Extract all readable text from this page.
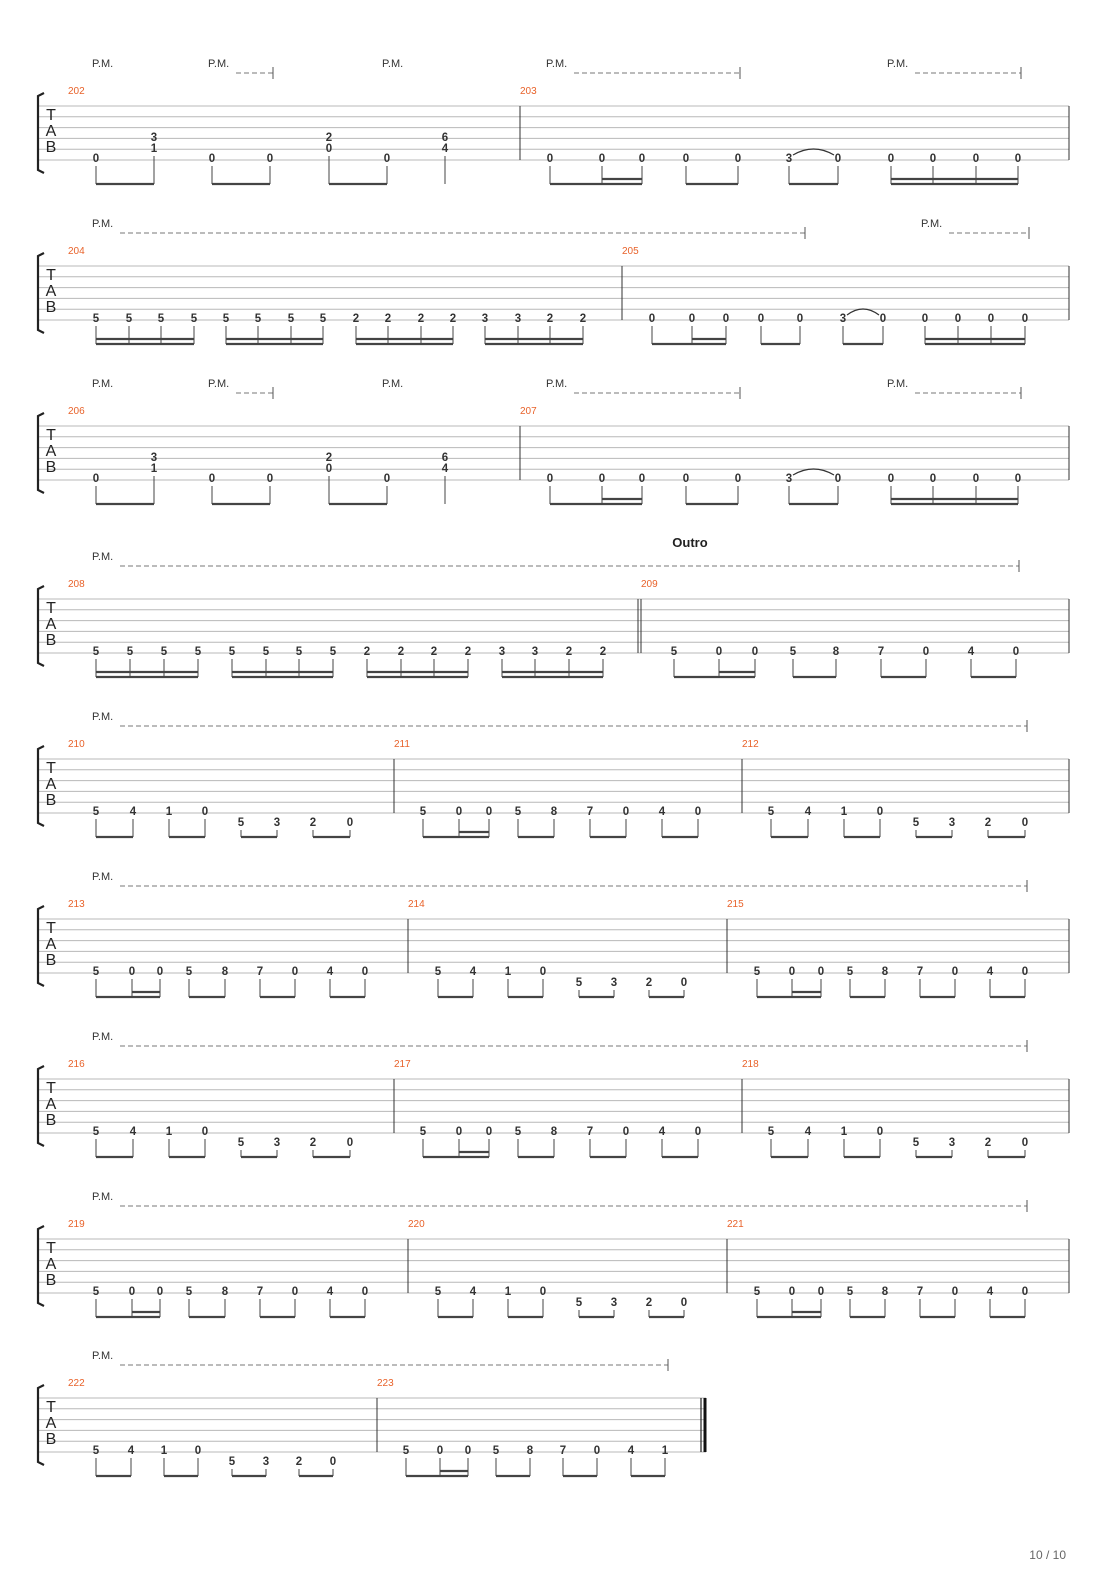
T
A
B
P.M.	P.M.	P.M.	P.M.	P.M.
202
0
3
1
0	0
2
0
0
6
4
203
0	0	0	0	0	3	0	0	0	0	0
T
A
B
P.M.	P.M.
204
5 5 5 5 5 5 5 5 2 2 2 2 3 3 2 2
205
0	0 0 0	0	3	0	0 0 0 0
T
A
B
P.M.	P.M.	P.M.	P.M.	P.M.
206
0
3
1
0	0
2
0
0
6
4
207
0	0	0	0	0	3	0	0	0	0	0
T
A
B
P.M.
Outro
208
5 5 5 5 5 5 5 5 2 2 2 2 3 3 2 2
209
5	0	0	5	8	7	0	4	0
T
A
B
P.M.
210
5	4	1	0
5	3	2	0
211
5	0 0 5	8	7	0	4	0
212
5	4	1	0
5	3	2	0
T
A
B
P.M.
213
5	0 0 5	8 7 0 4 0
214
5 4 1 0
5 3 2 0
215
5 0 0 5 8 7 0 4 0
T
A
B
P.M.
216
5	4	1	0
5	3	2	0
217
5	0 0 5	8	7	0	4	0
218
5	4	1	0
5	3	2	0
T
A
B
P.M.
219
5	0 0 5	8 7 0 4 0
220
5 4 1 0
5 3 2 0
221
5 0 0 5 8 7 0 4 0
T
A
B
P.M.
222
5 4 1 0
5 3 2 0
223
5 0 0 5 8 7 0 4 1
10 / 10
